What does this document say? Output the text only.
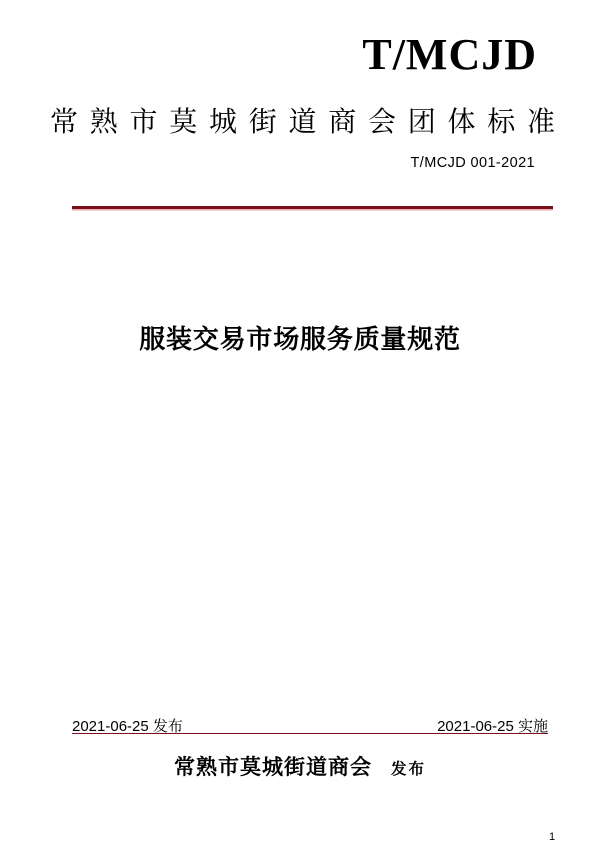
T/MCJD
常熟市莫城街道商会团体标准
T/MCJD 001-2021
服装交易市场服务质量规范
2021-06-25 发布	2021-06-25 实施
常熟市莫城街道商会 发布
1
